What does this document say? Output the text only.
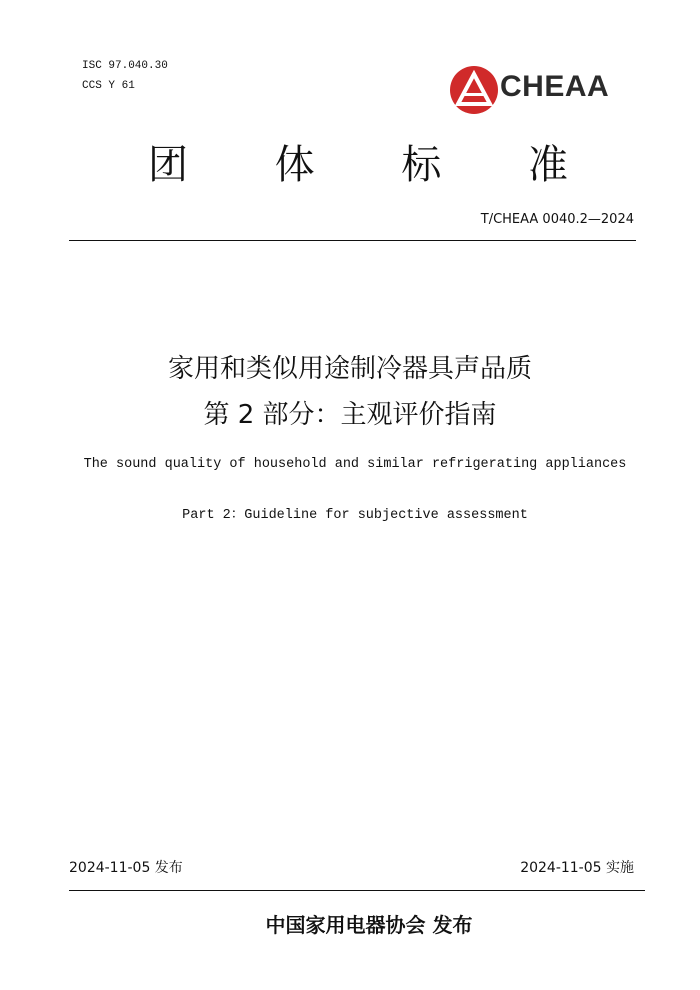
ISC 97.040.30
CCS Y 61	CHEAA
团 体 标 准
T/CHEAA 0040.2—2024
家用和类似用途制冷器具声品质
第 2 部分：主观评价指南
The sound quality of household and similar refrigerating appliances
Part 2：Guideline for subjective assessment
2024-11-05 发布	2024-11-05 实施
中国家用电器协会 发布
